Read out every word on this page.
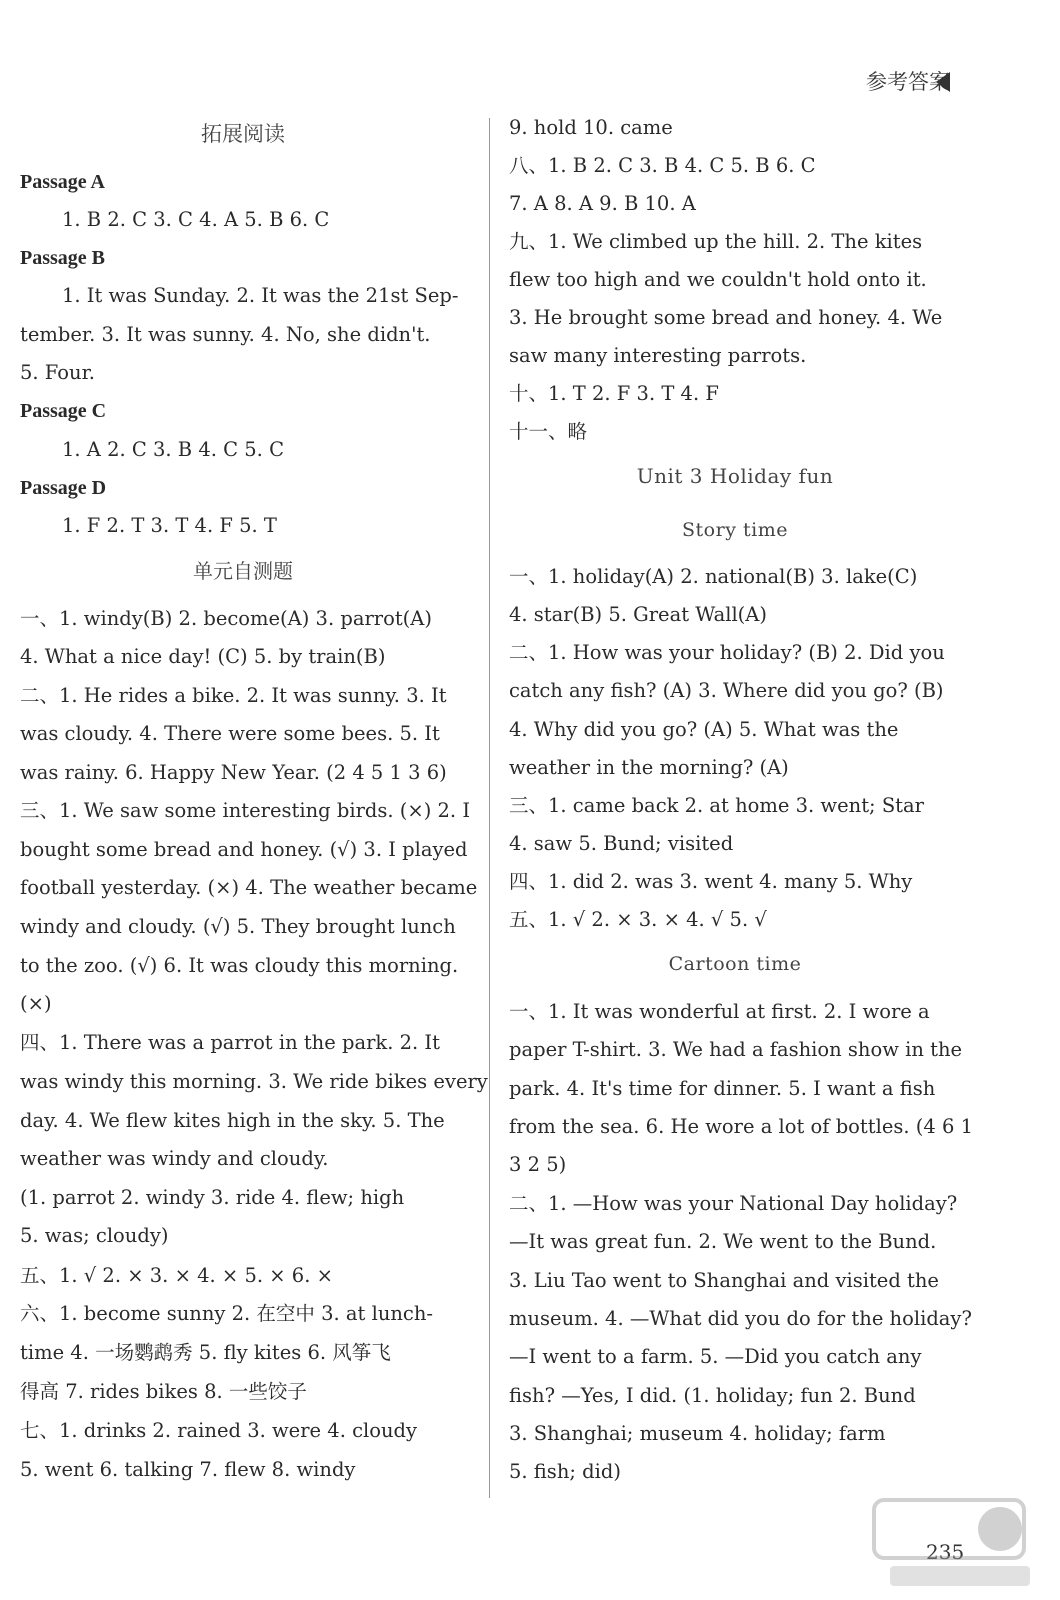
参考答案
拓展阅读
Passage A
1. B 2. C 3. C 4. A 5. B 6. C
Passage B
1. It was Sunday. 2. It was the 21st Sep-
tember. 3. It was sunny. 4. No, she didn't.
5. Four.
Passage C
1. A 2. C 3. B 4. C 5. C
Passage D
1. F 2. T 3. T 4. F 5. T
单元自测题
一、1. windy(B) 2. become(A) 3. parrot(A)
4. What a nice day! (C) 5. by train(B)
二、1. He rides a bike. 2. It was sunny. 3. It
was cloudy. 4. There were some bees. 5. It
was rainy. 6. Happy New Year. (2 4 5 1 3 6)
三、1. We saw some interesting birds. (×) 2. I
bought some bread and honey. (√) 3. I played
football yesterday. (×) 4. The weather became
windy and cloudy. (√) 5. They brought lunch
to the zoo. (√) 6. It was cloudy this morning.
(×)
四、1. There was a parrot in the park. 2. It
was windy this morning. 3. We ride bikes every
day. 4. We flew kites high in the sky. 5. The
weather was windy and cloudy.
(1. parrot 2. windy 3. ride 4. flew; high
5. was; cloudy)
五、1. √ 2. × 3. × 4. × 5. × 6. ×
六、1. become sunny 2. 在空中 3. at lunch-
time 4. 一场鹦鹉秀 5. fly kites 6. 风筝飞
得高 7. rides bikes 8. 一些饺子
七、1. drinks 2. rained 3. were 4. cloudy
5. went 6. talking 7. flew 8. windy
9. hold 10. came
八、1. B 2. C 3. B 4. C 5. B 6. C
7. A 8. A 9. B 10. A
九、1. We climbed up the hill. 2. The kites
flew too high and we couldn't hold onto it.
3. He brought some bread and honey. 4. We
saw many interesting parrots.
十、1. T 2. F 3. T 4. F
十一、略
Unit 3 Holiday fun
Story time
一、1. holiday(A) 2. national(B) 3. lake(C)
4. star(B) 5. Great Wall(A)
二、1. How was your holiday? (B) 2. Did you
catch any fish? (A) 3. Where did you go? (B)
4. Why did you go? (A) 5. What was the
weather in the morning? (A)
三、1. came back 2. at home 3. went; Star
4. saw 5. Bund; visited
四、1. did 2. was 3. went 4. many 5. Why
五、1. √ 2. × 3. × 4. √ 5. √
Cartoon time
一、1. It was wonderful at first. 2. I wore a
paper T-shirt. 3. We had a fashion show in the
park. 4. It's time for dinner. 5. I want a fish
from the sea. 6. He wore a lot of bottles. (4 6 1
3 2 5)
二、1. —How was your National Day holiday?
—It was great fun. 2. We went to the Bund.
3. Liu Tao went to Shanghai and visited the
museum. 4. —What did you do for the holiday?
—I went to a farm. 5. —Did you catch any
fish? —Yes, I did. (1. holiday; fun 2. Bund
3. Shanghai; museum 4. holiday; farm
5. fish; did)
235
